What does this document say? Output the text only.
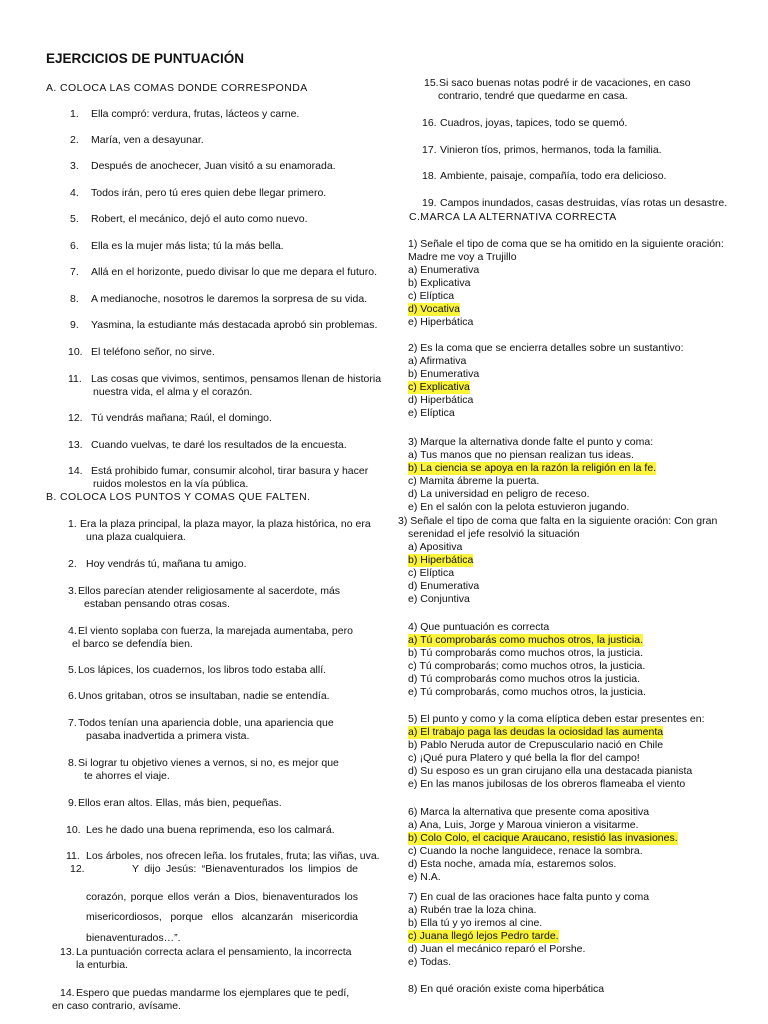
EJERCICIOS DE PUNTUACIÓN
A. COLOCA LAS COMAS DONDE CORRESPONDA
1. Ella compró: verdura, frutas, lácteos y carne.
2. María, ven a desayunar.
3. Después de anochecer, Juan visitó a su enamorada.
4. Todos irán, pero tú eres quien debe llegar primero.
5. Robert, el mecánico, dejó el auto como nuevo.
6. Ella es la mujer más lista; tú la más bella.
7. Allá en el horizonte, puedo divisar lo que me depara el futuro.
8. A medianoche, nosotros le daremos la sorpresa de su vida.
9. Yasmina, la estudiante más destacada aprobó sin problemas.
10. El teléfono señor, no sirve.
11. Las cosas que vivimos, sentimos, pensamos llenan de historia
nuestra vida, el alma y el corazón.
12. Tú vendrás mañana; Raúl, el domingo.
13. Cuando vuelvas, te daré los resultados de la encuesta.
14. Está prohibido fumar, consumir alcohol, tirar basura y hacer
ruidos molestos en la vía pública.
B. COLOCA LOS PUNTOS Y COMAS QUE FALTEN.
1. Era la plaza principal, la plaza mayor, la plaza histórica, no era
una plaza cualquiera.
2. Hoy vendrás tú, mañana tu amigo.
3. Ellos parecían atender religiosamente al sacerdote, más
estaban pensando otras cosas.
4. El viento soplaba con fuerza, la marejada aumentaba, pero
el barco se defendía bien.
5. Los lápices, los cuadernos, los libros todo estaba allí.
6. Unos gritaban, otros se insultaban, nadie se entendía.
7. Todos tenían una apariencia doble, una apariencia que
pasaba inadvertida a primera vista.
8. Si lograr tu objetivo vienes a vernos, si no, es mejor que
te ahorres el viaje.
9. Ellos eran altos. Ellas, más bien, pequeñas.
10. Les he dado una buena reprimenda, eso los calmará.
11. Los árboles, nos ofrecen leña. los frutales, fruta; las viñas, uva.
12.	Y dijo Jesús: “Bienaventurados los limpios de
corazón, porque ellos verán a Dios, bienaventurados los
misericordiosos, porque ellos alcanzarán misericordia
bienaventurados…”.
13. La puntuación correcta aclara el pensamiento, la incorrecta
la enturbia.
14. Espero que puedas mandarme los ejemplares que te pedí,
en caso contrario, avísame.
15. Si saco buenas notas podré ir de vacaciones, en caso
contrario, tendré que quedarme en casa.
16. Cuadros, joyas, tapices, todo se quemó.
17. Vinieron tíos, primos, hermanos, toda la familia.
18. Ambiente, paisaje, compañía, todo era delicioso.
19. Campos inundados, casas destruidas, vías rotas un desastre.
C.MARCA LA ALTERNATIVA CORRECTA
1) Señale el tipo de coma que se ha omitido en la siguiente oración:
Madre me voy a Trujillo
a) Enumerativa
b) Explicativa
c) Elíptica
d) Vocativa
e) Hiperbática
2) Es la coma que se encierra detalles sobre un sustantivo:
a) Afirmativa
b) Enumerativa
c) Explicativa
d) Hiperbática
e) Elíptica
3) Marque la alternativa donde falte el punto y coma:
a) Tus manos que no piensan realizan tus ideas.
b) La ciencia se apoya en la razón la religión en la fe.
c) Mamita ábreme la puerta.
d) La universidad en peligro de receso.
e) En el salón con la pelota estuvieron jugando.
3) Señale el tipo de coma que falta en la siguiente oración: Con gran
serenidad el jefe resolvió la situación
a) Apositiva
b) Hiperbática
c) Elíptica
d) Enumerativa
e) Conjuntiva
4) Que puntuación es correcta
a) Tú comprobarás como muchos otros, la justicia.
b) Tú comprobarás como muchos otros, la justicia.
c) Tú comprobarás; como muchos otros, la justicia.
d) Tú comprobarás como muchos otros la justicia.
e) Tú comprobarás, como muchos otros, la justicia.
5) El punto y como y la coma elíptica deben estar presentes en:
a) El trabajo paga las deudas la ociosidad las aumenta
b) Pablo Neruda autor de Crepusculario nació en Chile
c) ¡Qué pura Platero y qué bella la flor del campo!
d) Su esposo es un gran cirujano ella una destacada pianista
e) En las manos jubilosas de los obreros flameaba el viento
6) Marca la alternativa que presente coma apositiva
a) Ana, Luis, Jorge y Maroua vinieron a visitarme.
b) Colo Colo, el cacique Araucano, resistió las invasiones.
c) Cuando la noche languidece, renace la sombra.
d) Esta noche, amada mía, estaremos solos.
e) N.A.
7) En cual de las oraciones hace falta punto y coma
a) Rubén trae la loza china.
b) Ella tú y yo iremos al cine.
c) Juana llegó lejos Pedro tarde.
d) Juan el mecánico reparó el Porshe.
e) Todas.
8) En qué oración existe coma hiperbática
